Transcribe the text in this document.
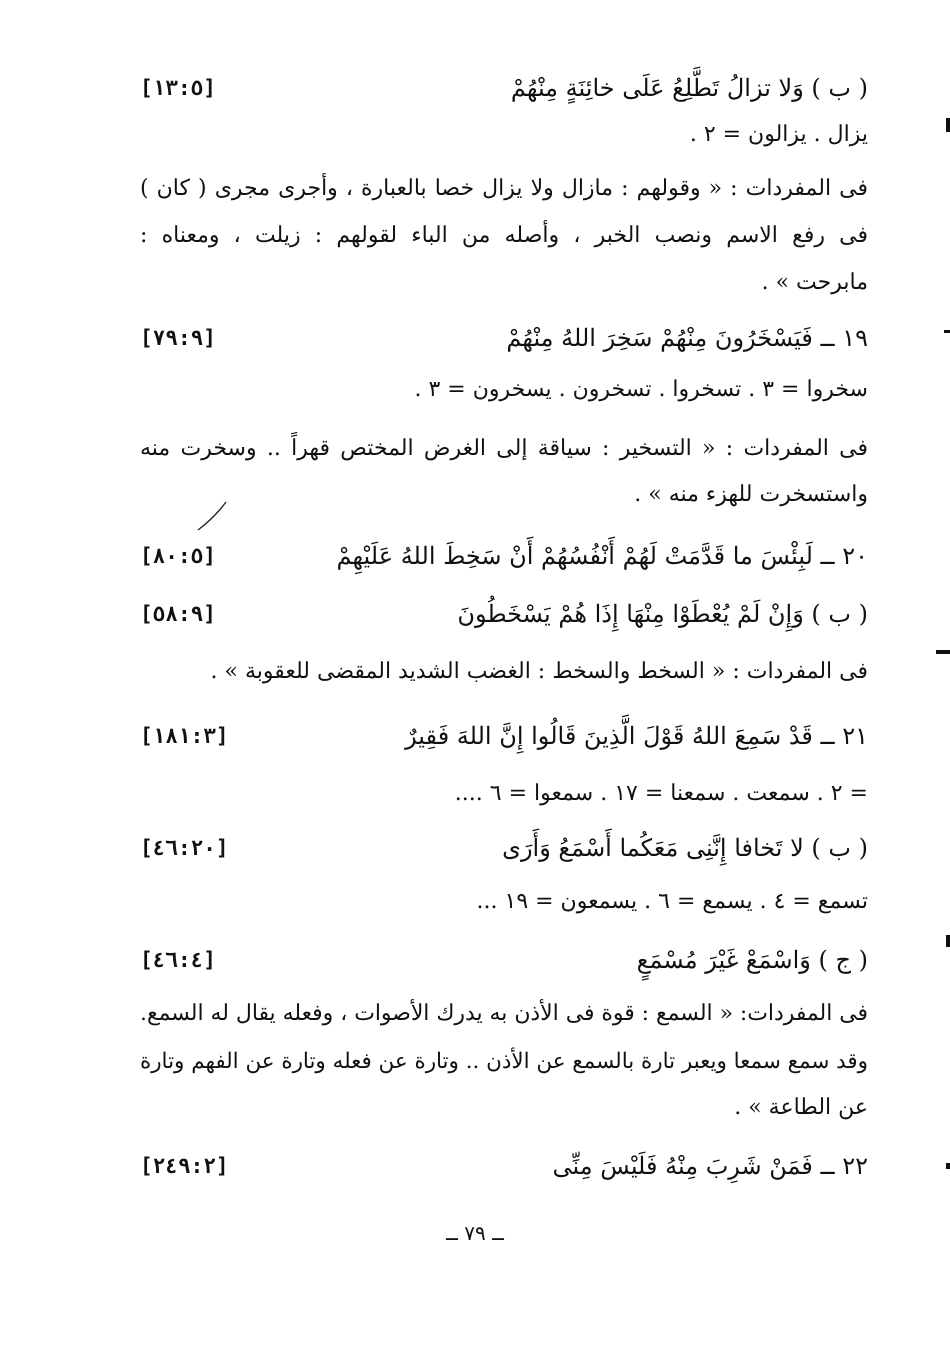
( ب ) وَلا تزالُ تَطَّلِعُ عَلَى خائِنَةٍ مِنْهُمْ
[١٣:٥]
يزال . يزالون = ٢ .
فى المفردات : « وقولهم : مازال ولا يزال خصا بالعبارة ، وأجرى مجرى ( كان )
فى رفع الاسم ونصب الخبر ، وأصله من الباء لقولهم : زيلت ، ومعناه :
مابرحت » .
١٩ ــ فَيَسْخَرُونَ مِنْهُمْ سَخِرَ اللهُ مِنْهُمْ
[٧٩:٩]
سخروا = ٣ . تسخروا . تسخرون . يسخرون = ٣ .
فى المفردات : « التسخير : سياقة إلى الغرض المختص قهراً .. وسخرت منه
واستسخرت للهزء منه » .
٢٠ ــ لَبِئْسَ ما قَدَّمَتْ لَهُمْ أَنْفُسُهُمْ أَنْ سَخِطَ اللهُ عَلَيْهِمْ
[٨٠:٥]
( ب ) وَإِنْ لَمْ يُعْطَوْا مِنْهَا إِذَا هُمْ يَسْخَطُونَ
[٥٨:٩]
فى المفردات : « السخط والسخط : الغضب الشديد المقضى للعقوبة » .
٢١ ــ قَدْ سَمِعَ اللهُ قَوْلَ الَّذِينَ قَالُوا إِنَّ اللهَ فَقِيرٌ
[١٨١:٣]
= ٢ . سمعت . سمعنا = ١٧ . سمعوا = ٦ ....
( ب ) لا تَخافا إِنَّنِى مَعَكُما أَسْمَعُ وَأَرَى
[٤٦:٢٠]
تسمع = ٤ . يسمع = ٦ . يسمعون = ١٩ ...
( ج ) وَاسْمَعْ غَيْرَ مُسْمَعٍ
[٤٦:٤]
فى المفردات: « السمع : قوة فى الأذن به يدرك الأصوات ، وفعله يقال له السمع.
وقد سمع سمعا ويعبر تارة بالسمع عن الأذن .. وتارة عن فعله وتارة عن الفهم وتارة
عن الطاعة » .
٢٢ ــ فَمَنْ شَرِبَ مِنْهُ فَلَيْسَ مِنِّى
[٢٤٩:٢]
ــ ٧٩ ــ
